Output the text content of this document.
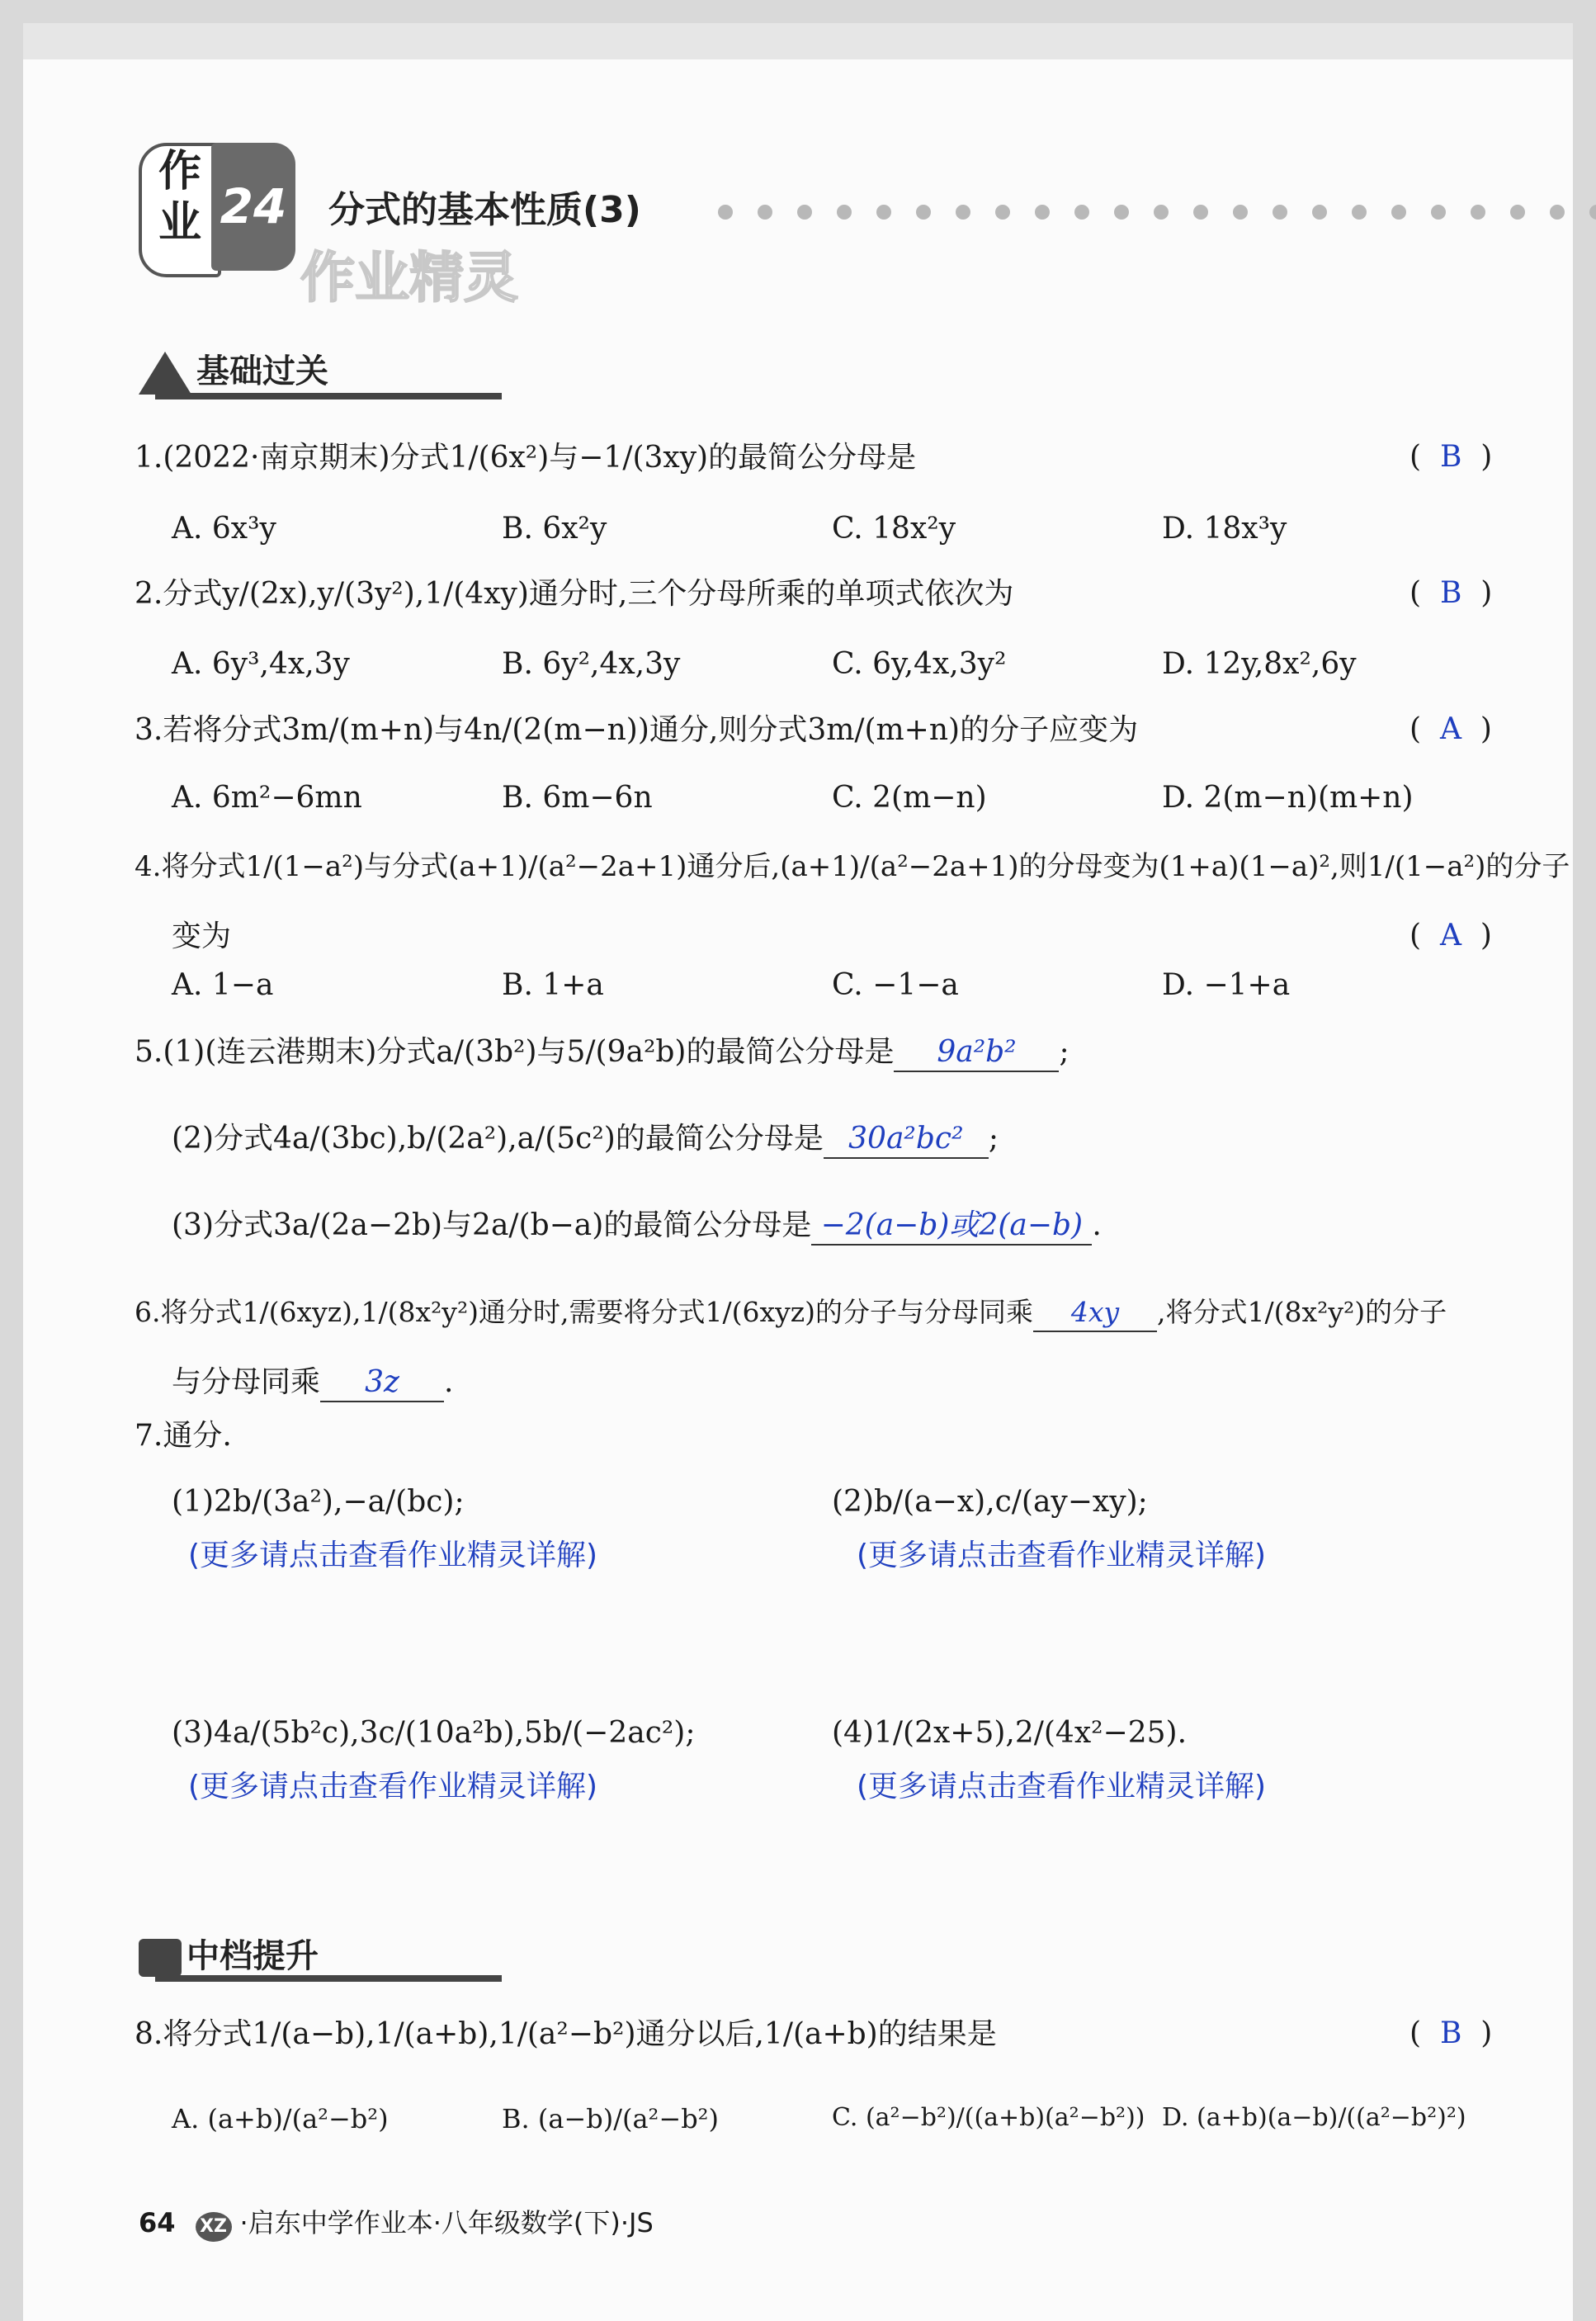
作
业 24 分式的基本性质(3)
作业精灵
基础过关
1.(2022·南京期末)分式1/(6x²)与−1/(3xy)的最简公分母是	(  B  )
A. 6x³y	B. 6x²y	C. 18x²y	D. 18x³y
2.分式y/(2x),y/(3y²),1/(4xy)通分时,三个分母所乘的单项式依次为	(  B  )
A. 6y³,4x,3y	B. 6y²,4x,3y	C. 6y,4x,3y²	D. 12y,8x²,6y
3.若将分式3m/(m+n)与4n/(2(m−n))通分,则分式3m/(m+n)的分子应变为	(  A  )
A. 6m²−6mn	B. 6m−6n	C. 2(m−n)	D. 2(m−n)(m+n)
4.将分式1/(1−a²)与分式(a+1)/(a²−2a+1)通分后,(a+1)/(a²−2a+1)的分母变为(1+a)(1−a)²,则1/(1−a²)的分子
变为	(  A  )
A. 1−a	B. 1+a	C. −1−a	D. −1+a
5.(1)(连云港期末)分式a/(3b²)与5/(9a²b)的最简公分母是 9a²b² ;
(2)分式4a/(3bc),b/(2a²),a/(5c²)的最简公分母是 30a²bc² ;
(3)分式3a/(2a−2b)与2a/(b−a)的最简公分母是 −2(a−b)或2(a−b) .
6.将分式1/(6xyz),1/(8x²y²)通分时,需要将分式1/(6xyz)的分子与分母同乘 4xy ,将分式1/(8x²y²)的分子
与分母同乘 3z .
7.通分.
(1)2b/(3a²),−a/(bc);	(2)b/(a−x),c/(ay−xy);
(更多请点击查看作业精灵详解)	(更多请点击查看作业精灵详解)
(3)4a/(5b²c),3c/(10a²b),5b/(−2ac²);	(4)1/(2x+5),2/(4x²−25).
(更多请点击查看作业精灵详解)	(更多请点击查看作业精灵详解)
中档提升
8.将分式1/(a−b),1/(a+b),1/(a²−b²)通分以后,1/(a+b)的结果是	(  B  )
A. (a+b)/(a²−b²)	B. (a−b)/(a²−b²)	C. (a²−b²)/((a+b)(a²−b²)) D. (a+b)(a−b)/((a²−b²)²)
64 XZ ·启东中学作业本·八年级数学(下)·JS
